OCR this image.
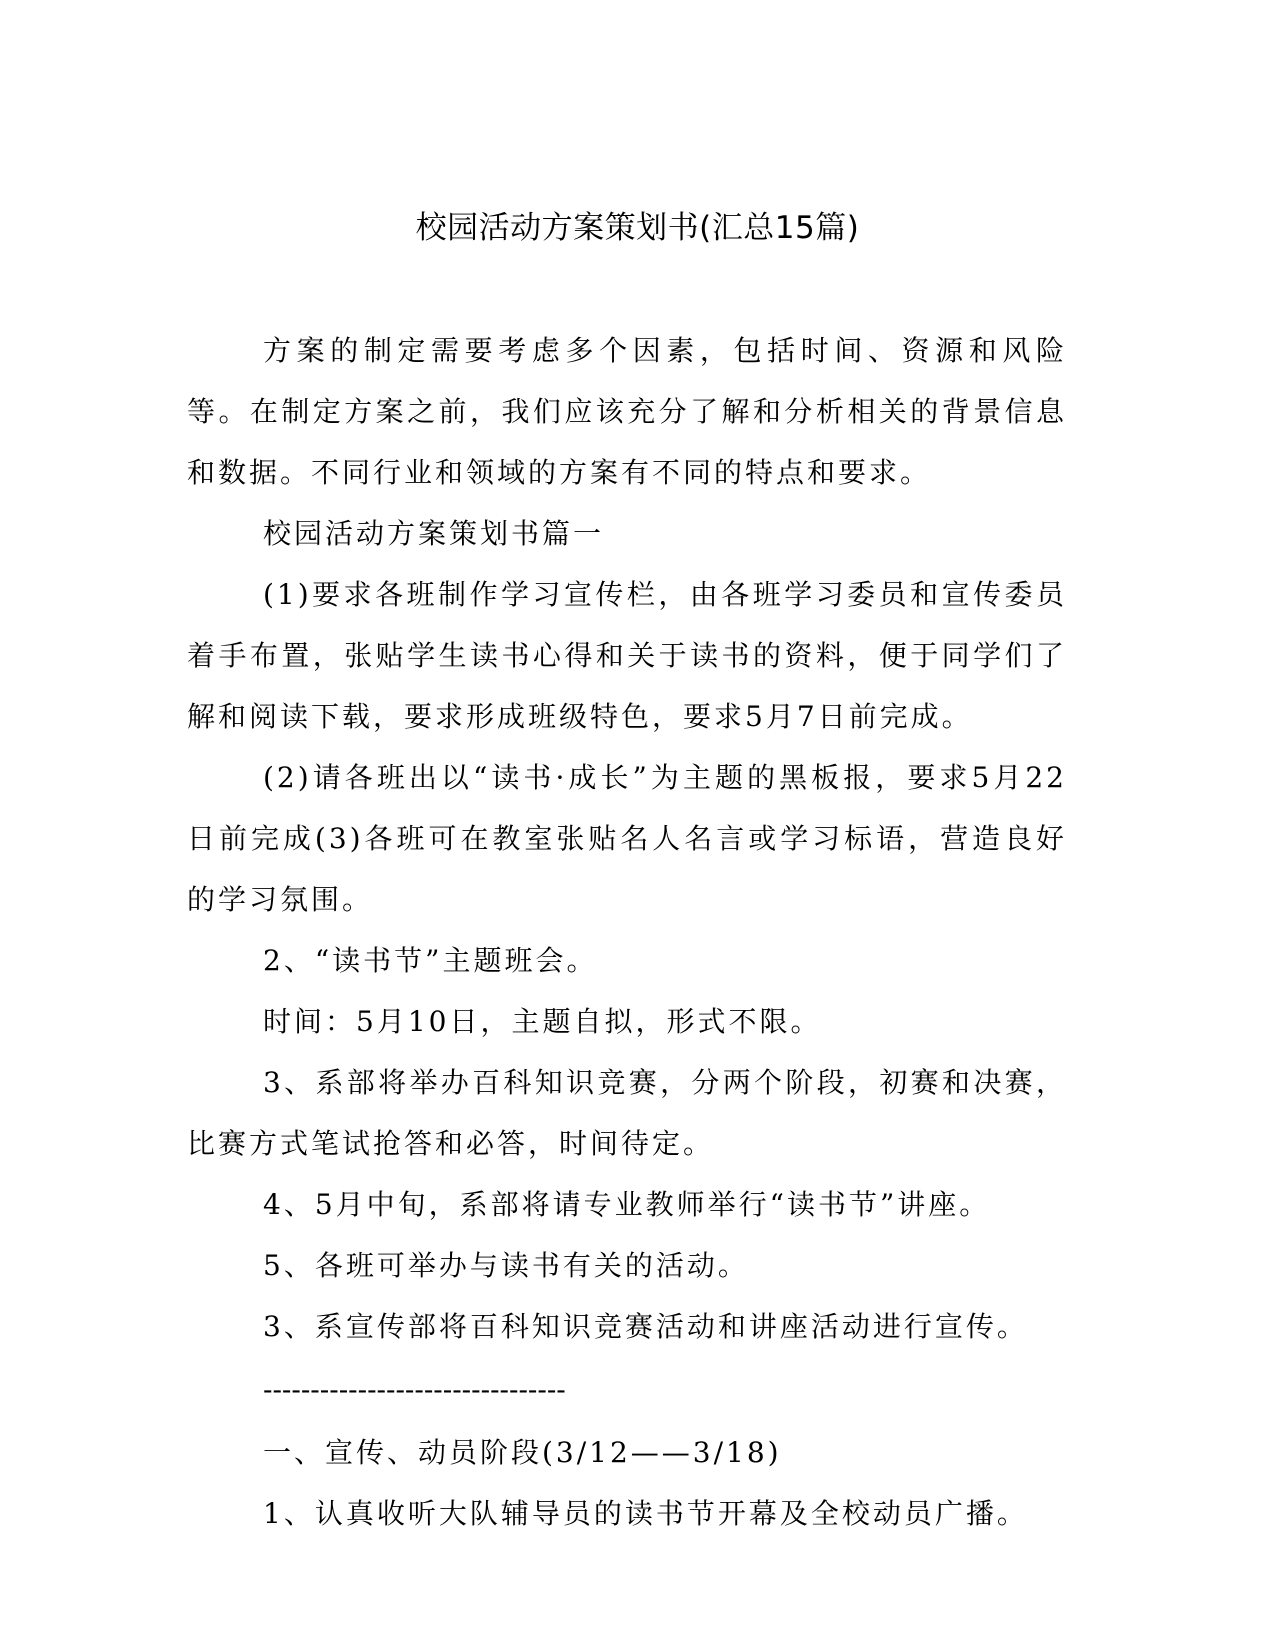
校园活动方案策划书(汇总15篇)

方案的制定需要考虑多个因素，包括时间、资源和风险等。在制定方案之前，我们应该充分了解和分析相关的背景信息和数据。不同行业和领域的方案有不同的特点和要求。

校园活动方案策划书篇一

(1)要求各班制作学习宣传栏，由各班学习委员和宣传委员着手布置，张贴学生读书心得和关于读书的资料，便于同学们了解和阅读下载，要求形成班级特色，要求5月7日前完成。

(2)请各班出以“读书·成长”为主题的黑板报，要求5月22日前完成(3)各班可在教室张贴名人名言或学习标语，营造良好的学习氛围。

2、“读书节”主题班会。

时间：5月10日，主题自拟，形式不限。

3、系部将举办百科知识竞赛，分两个阶段，初赛和决赛，比赛方式笔试抢答和必答，时间待定。

4、5月中旬，系部将请专业教师举行“读书节”讲座。

5、各班可举办与读书有关的活动。

3、系宣传部将百科知识竞赛活动和讲座活动进行宣传。

--------------------------------

一、宣传、动员阶段(3/12——3/18)

1、认真收听大队辅导员的读书节开幕及全校动员广播。
